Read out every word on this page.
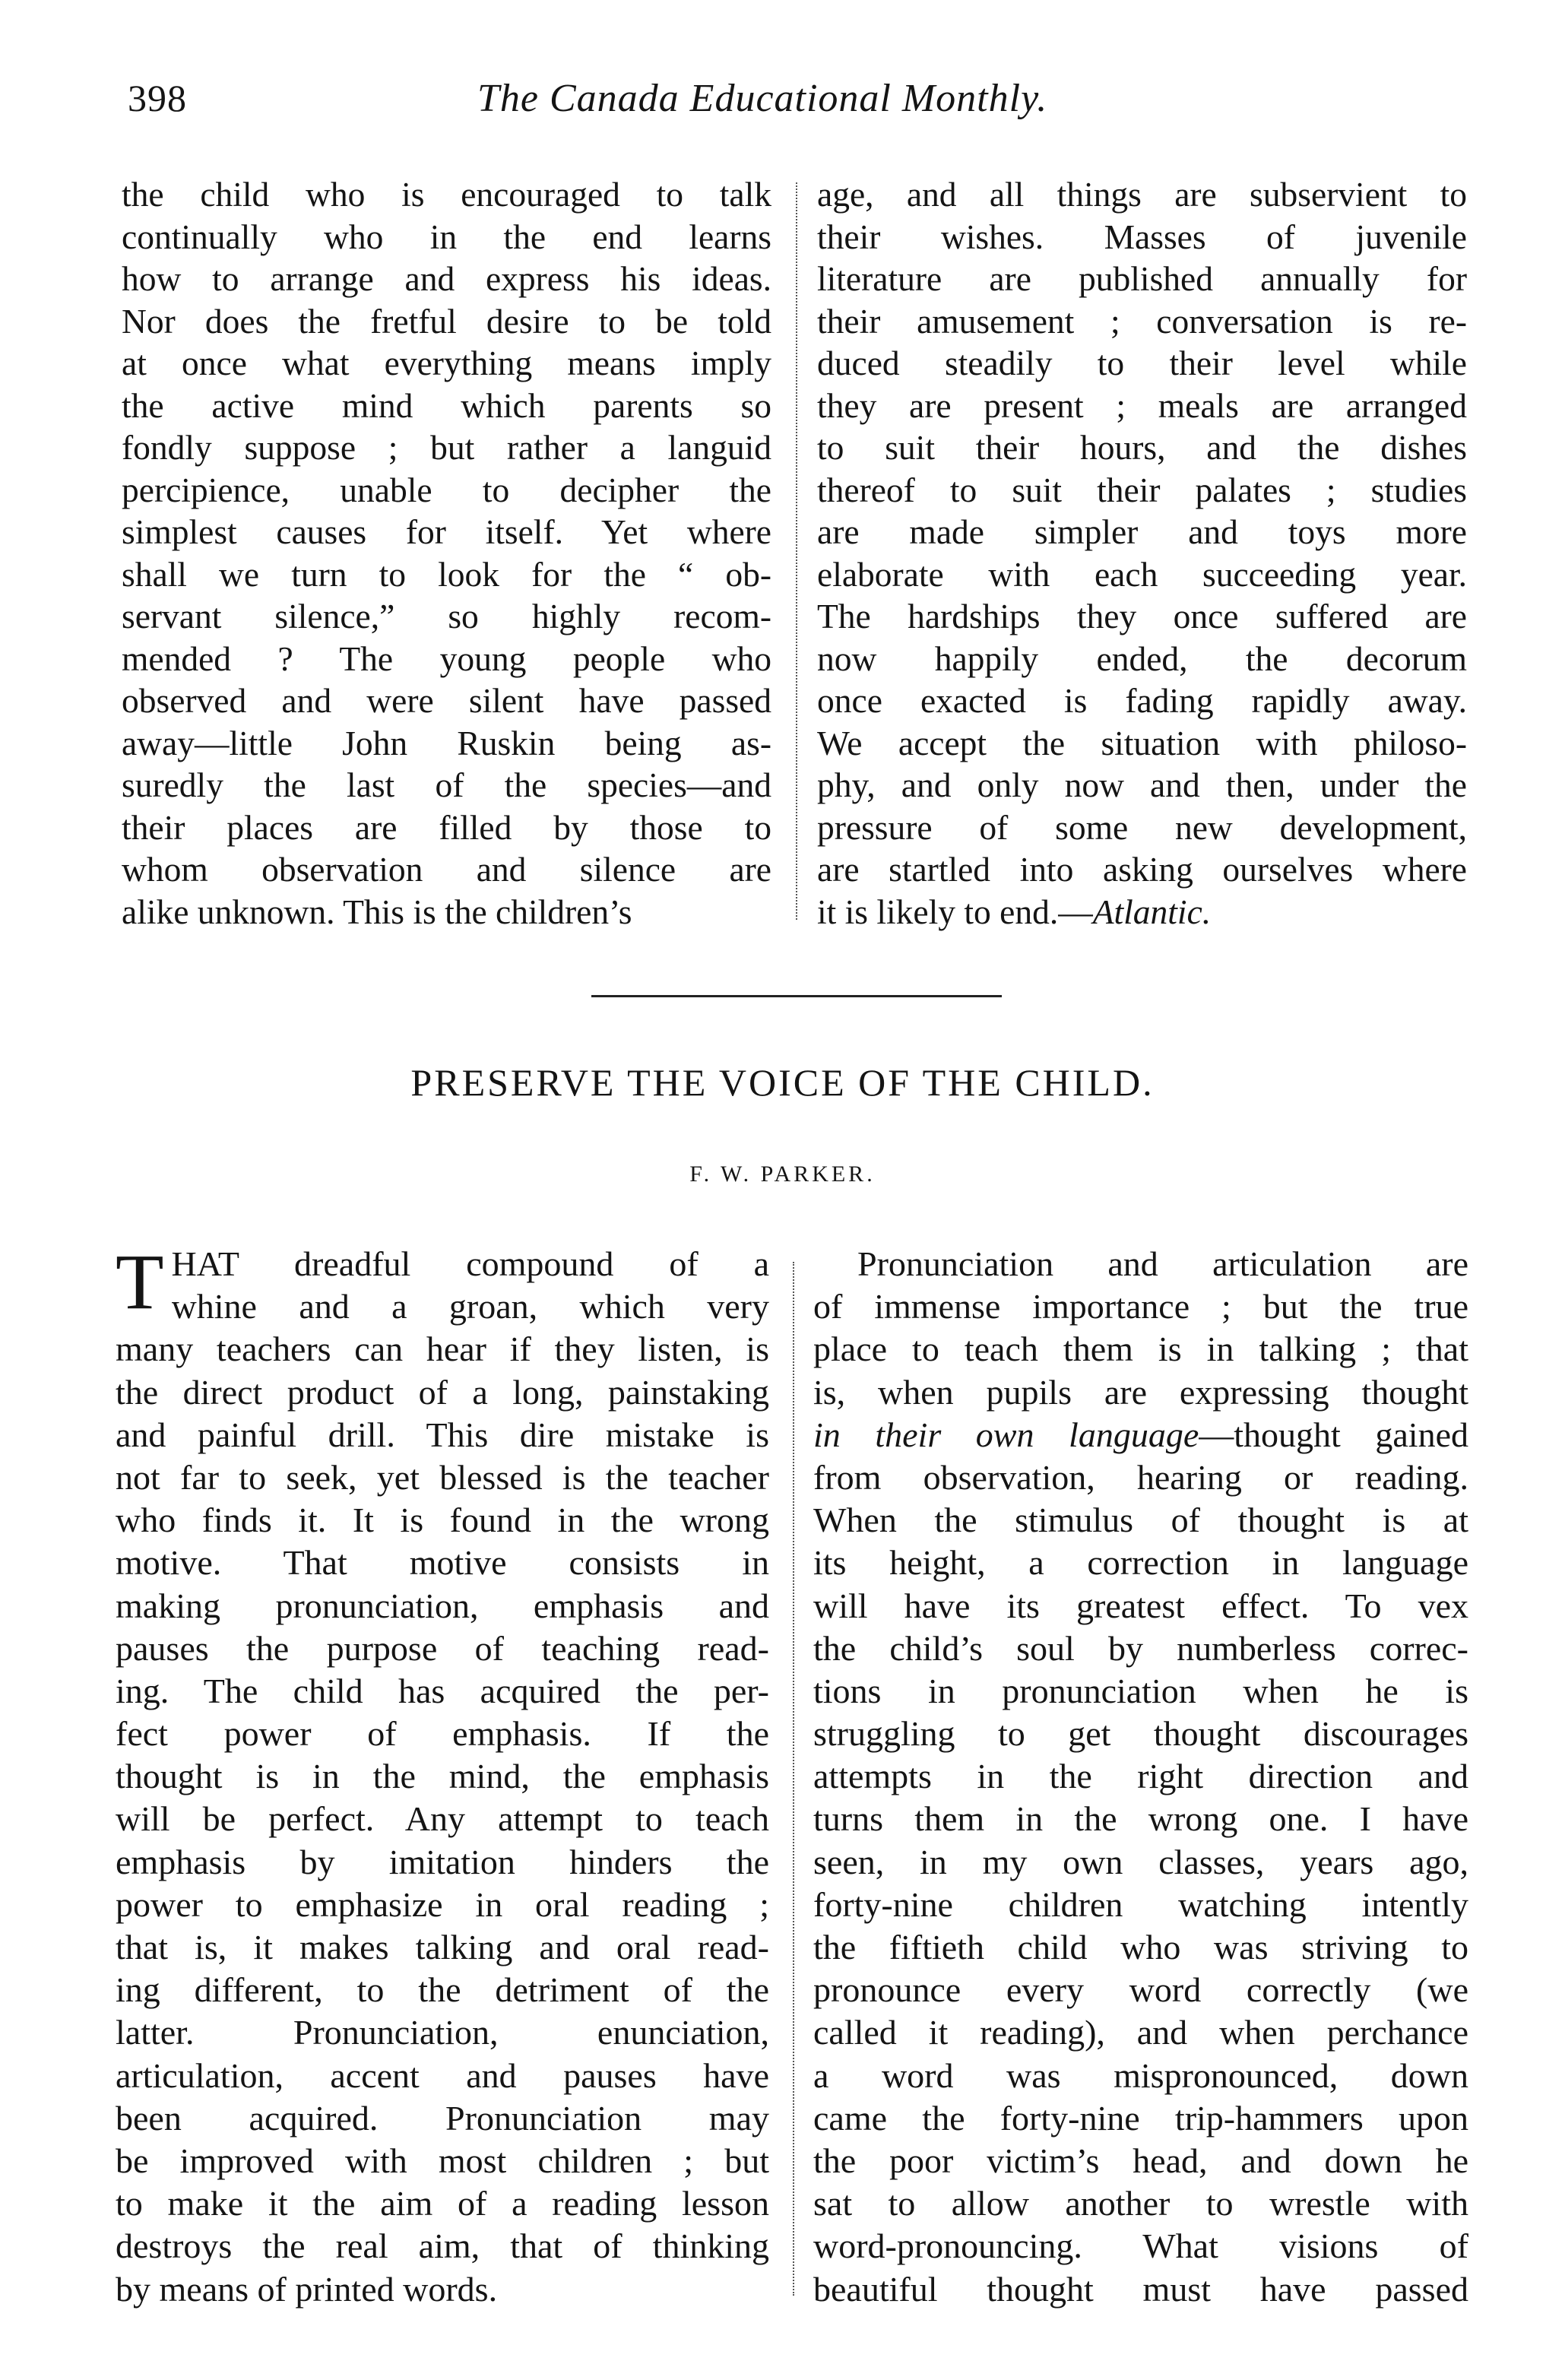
398	The Canada Educational Monthly.
the child who is encouraged to talk
continually who in the end learns
how to arrange and express his ideas.
Nor does the fretful desire to be told
at once what everything means imply
the active mind which parents so
fondly suppose ; but rather a languid
percipience, unable to decipher the
simplest causes for itself. Yet where
shall we turn to look for the “ ob-
servant silence,” so highly recom-
mended ? The young people who
observed and were silent have passed
away—little John Ruskin being as-
suredly the last of the species—and
their places are filled by those to
whom observation and silence are
alike unknown. This is the children’s
age, and all things are subservient to
their wishes. Masses of juvenile
literature are published annually for
their amusement ; conversation is re-
duced steadily to their level while
they are present ; meals are arranged
to suit their hours, and the dishes
thereof to suit their palates ; studies
are made simpler and toys more
elaborate with each succeeding year.
The hardships they once suffered are
now happily ended, the decorum
once exacted is fading rapidly away.
We accept the situation with philoso-
phy, and only now and then, under the
pressure of some new development,
are startled into asking ourselves where
it is likely to end.—Atlantic.
PRESERVE THE VOICE OF THE CHILD.
F. W. PARKER.
T HAT dreadful compound of a
whine and a groan, which very
many teachers can hear if they listen, is
the direct product of a long, painstaking
and painful drill. This dire mistake is
not far to seek, yet blessed is the teacher
who finds it. It is found in the wrong
motive. That motive consists in
making pronunciation, emphasis and
pauses the purpose of teaching read-
ing. The child has acquired the per-
fect power of emphasis. If the
thought is in the mind, the emphasis
will be perfect. Any attempt to teach
emphasis by imitation hinders the
power to emphasize in oral reading ;
that is, it makes talking and oral read-
ing different, to the detriment of the
latter. Pronunciation, enunciation,
articulation, accent and pauses have
been acquired. Pronunciation may
be improved with most children ; but
to make it the aim of a reading lesson
destroys the real aim, that of thinking
by means of printed words.
Pronunciation and articulation are
of immense importance ; but the true
place to teach them is in talking ; that
is, when pupils are expressing thought
in their own language—thought gained
from observation, hearing or reading.
When the stimulus of thought is at
its height, a correction in language
will have its greatest effect. To vex
the child’s soul by numberless correc-
tions in pronunciation when he is
struggling to get thought discourages
attempts in the right direction and
turns them in the wrong one. I have
seen, in my own classes, years ago,
forty-nine children watching intently
the fiftieth child who was striving to
pronounce every word correctly (we
called it reading), and when perchance
a word was mispronounced, down
came the forty-nine trip-hammers upon
the poor victim’s head, and down he
sat to allow another to wrestle with
word-pronouncing. What visions of
beautiful thought must have passed
